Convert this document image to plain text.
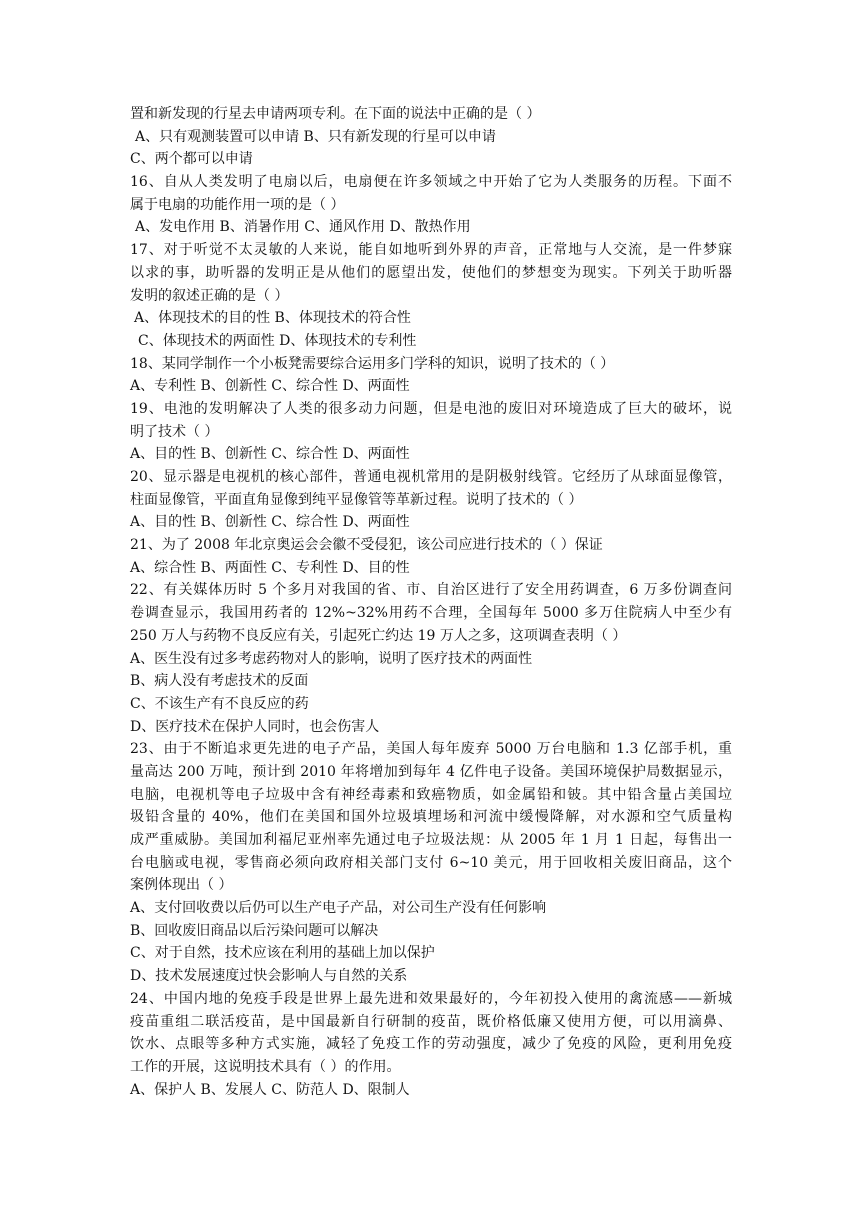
置和新发现的行星去申请两项专利。在下面的说法中正确的是（ ）
A、只有观测装置可以申请 B、只有新发现的行星可以申请
C、两个都可以申请
16、自从人类发明了电扇以后，电扇便在许多领域之中开始了它为人类服务的历程。下面不
属于电扇的功能作用一项的是（ ）
A、发电作用 B、消暑作用 C、通风作用 D、散热作用
17、对于听觉不太灵敏的人来说，能自如地听到外界的声音，正常地与人交流，是一件梦寐
以求的事，助听器的发明正是从他们的愿望出发，使他们的梦想变为现实。下列关于助听器
发明的叙述正确的是（ ）
A、体现技术的目的性 B、体现技术的符合性
C、体现技术的两面性 D、体现技术的专利性
18、某同学制作一个小板凳需要综合运用多门学科的知识，说明了技术的（ ）
A、专利性 B、创新性 C、综合性 D、两面性
19、电池的发明解决了人类的很多动力问题，但是电池的废旧对环境造成了巨大的破坏，说
明了技术（ ）
A、目的性 B、创新性 C、综合性 D、两面性
20、显示器是电视机的核心部件，普通电视机常用的是阴极射线管。它经历了从球面显像管，
柱面显像管，平面直角显像到纯平显像管等革新过程。说明了技术的（ ）
A、目的性 B、创新性 C、综合性 D、两面性
21、为了 2008 年北京奥运会会徽不受侵犯，该公司应进行技术的（ ）保证
A、综合性 B、两面性 C、专利性 D、目的性
22、有关媒体历时 5 个多月对我国的省、市、自治区进行了安全用药调查，6 万多份调查问
卷调查显示，我国用药者的 12%~32%用药不合理，全国每年 5000 多万住院病人中至少有
250 万人与药物不良反应有关，引起死亡约达 19 万人之多，这项调查表明（ ）
A、医生没有过多考虑药物对人的影响，说明了医疗技术的两面性
B、病人没有考虑技术的反面
C、不该生产有不良反应的药
D、医疗技术在保护人同时，也会伤害人
23、由于不断追求更先进的电子产品，美国人每年废弃 5000 万台电脑和 1.3 亿部手机，重
量高达 200 万吨，预计到 2010 年将增加到每年 4 亿件电子设备。美国环境保护局数据显示，
电脑，电视机等电子垃圾中含有神经毒素和致癌物质，如金属铅和铍。其中铅含量占美国垃
圾铅含量的 40%，他们在美国和国外垃圾填埋场和河流中缓慢降解，对水源和空气质量构
成严重威胁。美国加利福尼亚州率先通过电子垃圾法规：从 2005 年 1 月 1 日起，每售出一
台电脑或电视，零售商必须向政府相关部门支付 6~10 美元，用于回收相关废旧商品，这个
案例体现出（ ）
A、支付回收费以后仍可以生产电子产品，对公司生产没有任何影响
B、回收废旧商品以后污染问题可以解决
C、对于自然，技术应该在利用的基础上加以保护
D、技术发展速度过快会影响人与自然的关系
24、中国内地的免疫手段是世界上最先进和效果最好的，今年初投入使用的禽流感——新城
疫苗重组二联活疫苗，是中国最新自行研制的疫苗，既价格低廉又使用方便，可以用滴鼻、
饮水、点眼等多种方式实施，减轻了免疫工作的劳动强度，减少了免疫的风险，更利用免疫
工作的开展，这说明技术具有（ ）的作用。
A、保护人 B、发展人 C、防范人 D、限制人
